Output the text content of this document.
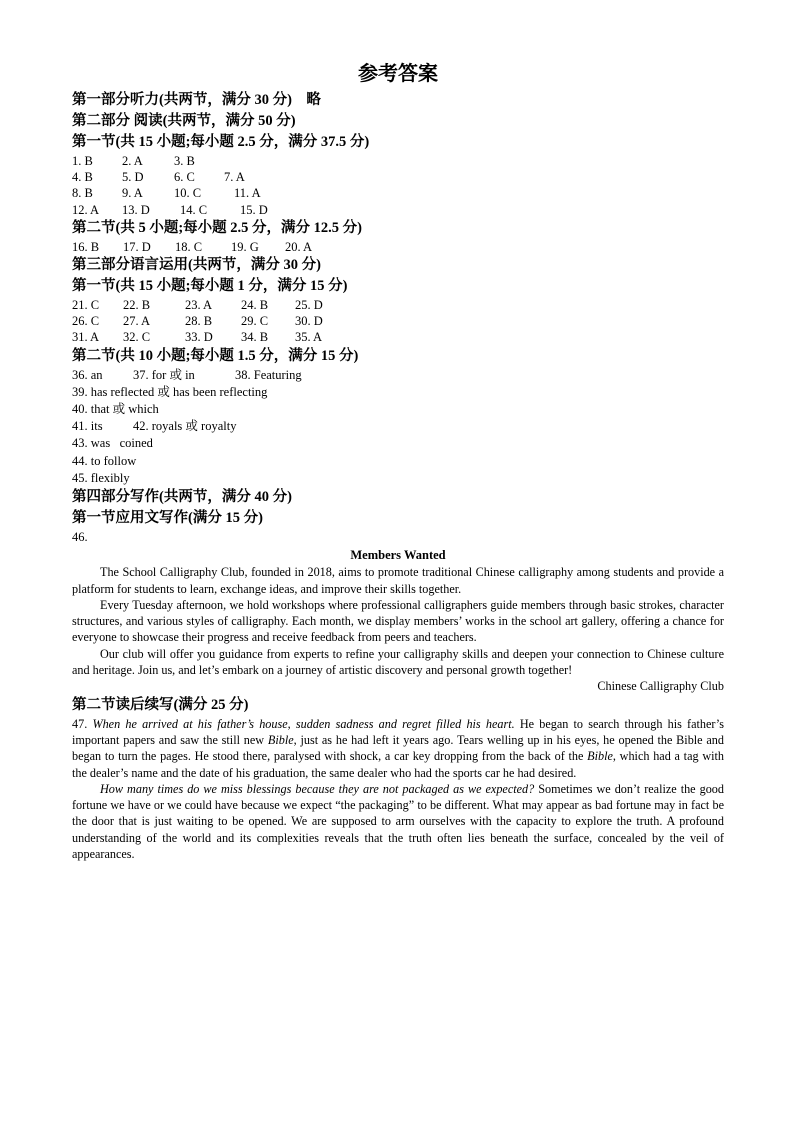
参考答案
第一部分听力(共两节，满分 30 分)　略
第二部分 阅读(共两节，满分 50 分)
第一节(共 15 小题;每小题 2.5 分，满分 37.5 分)
1. B 2. A 3. B
4. B 5. D 6. C 7. A
8. B 9. A 10. C	11. A
12. A 13. D 14. C	15. D
第二节(共 5 小题;每小题 2.5 分，满分 12.5 分)
16. B 17. D 18. C 19. G 20. A
第三部分语言运用(共两节，满分 30 分)
第一节(共 15 小题;每小题 1 分，满分 15 分)
21. C 22. B	23. A 24. B 25. D
26. C 27. A	28. B 29. C 30. D
31. A 32. C	33. D 34. B 35. A
第二节(共 10 小题;每小题 1.5 分，满分 15 分)
36. an 37. for 或 in	38. Featuring
39. has reflected 或 has been reflecting
40. that 或 which
41. its 42. royals 或 royalty
43. was   coined
44. to follow
45. flexibly
第四部分写作(共两节，满分 40 分)
第一节应用文写作(满分 15 分)
46.
Members Wanted

The School Calligraphy Club, founded in 2018, aims to promote traditional Chinese calligraphy among students and provide a platform for students to learn, exchange ideas, and improve their skills together.

Every Tuesday afternoon, we hold workshops where professional calligraphers guide members through basic strokes, character structures, and various styles of calligraphy. Each month, we display members’ works in the school art gallery, offering a chance for everyone to showcase their progress and receive feedback from peers and teachers.

Our club will offer you guidance from experts to refine your calligraphy skills and deepen your connection to Chinese culture and heritage. Join us, and let’s embark on a journey of artistic discovery and personal growth together!

Chinese Calligraphy Club
第二节读后续写(满分 25 分)

47. When he arrived at his father’s house, sudden sadness and regret filled his heart. He began to search through his father’s important papers and saw the still new Bible, just as he had left it years ago. Tears welling up in his eyes, he opened the Bible and began to turn the pages. He stood there, paralysed with shock, a car key dropping from the back of the Bible, which had a tag with the dealer’s name and the date of his graduation, the same dealer who had the sports car he had desired.

How many times do we miss blessings because they are not packaged as we expected? Sometimes we don’t realize the good fortune we have or we could have because we expect “the packaging” to be different. What may appear as bad fortune may in fact be the door that is just waiting to be opened. We are supposed to arm ourselves with the capacity to explore the truth. A profound understanding of the world and its complexities reveals that the truth often lies beneath the surface, concealed by the veil of appearances.
